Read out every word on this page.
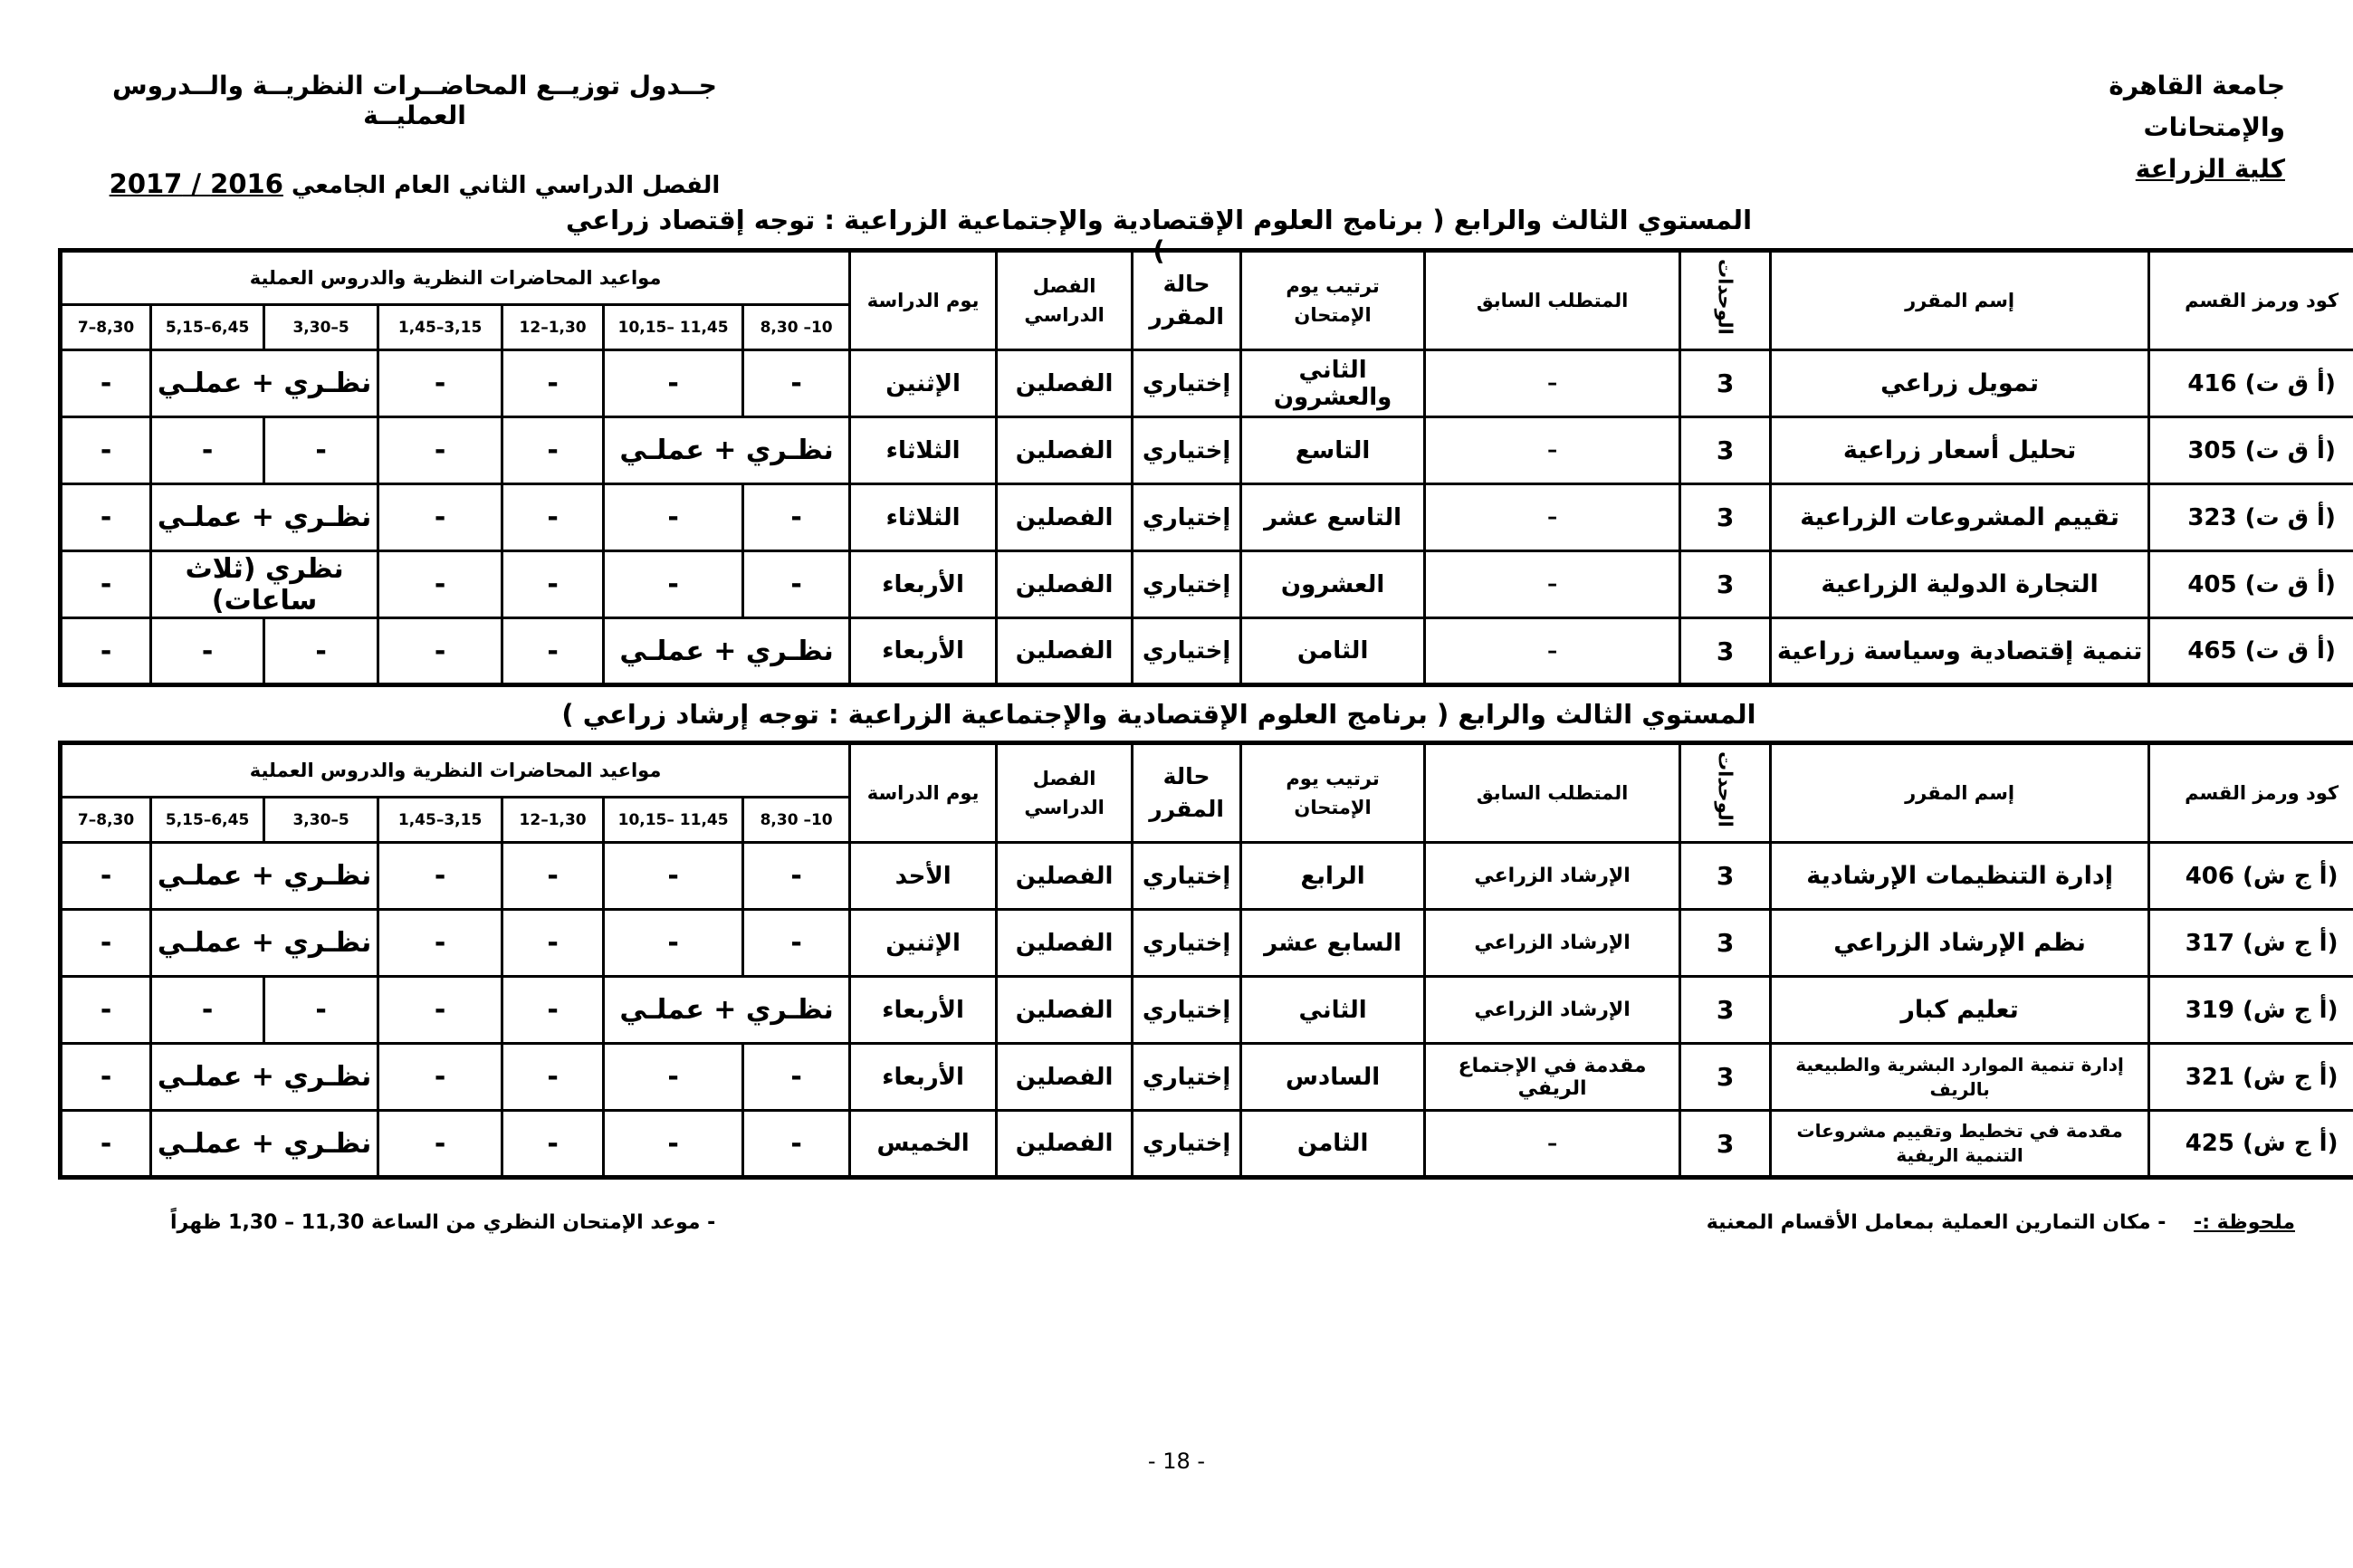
جامعة القاهرة
والإمتحانات
كلية الزراعة
جــدول توزيــع المحاضــرات النظريــة والــدروس العمليــة
الفصل الدراسي الثاني العام الجامعي 2016 / 2017
المستوي الثالث والرابع ( برنامج العلوم الإقتصادية والإجتماعية الزراعية : توجه إقتصاد زراعي )
كود ورمز القسم	إسم المقرر	الوحدات	المتطلب السابق	ترتيب يوم الإمتحان	حالة المقرر	الفصل الدراسي	يوم الدراسة	مواعيد المحاضرات النظرية والدروس العملية						
								8,30 –10	10,15– 11,45	12–1,30	1,45–3,15	3,30–5	5,15–6,45	7–8,30
(أ ق ت) 416	تمويل زراعي	3	–	الثاني والعشرون	إختياري	الفصلين	الإثنين	-	-	-	-	نظـري + عملـي		-
(أ ق ت) 305	تحليل أسعار زراعية	3	–	التاسع	إختياري	الفصلين	الثلاثاء	نظـري + عملـي		-	-	-	-	-
(أ ق ت) 323	تقييم المشروعات الزراعية	3	–	التاسع عشر	إختياري	الفصلين	الثلاثاء	-	-	-	-	نظـري + عملـي		-
(أ ق ت) 405	التجارة الدولية الزراعية	3	–	العشرون	إختياري	الفصلين	الأربعاء	-	-	-	-	نظري (ثلاث ساعات)		-
(أ ق ت) 465	تنمية إقتصادية وسياسة زراعية	3	–	الثامن	إختياري	الفصلين	الأربعاء	نظـري + عملـي		-	-	-	-	-
المستوي الثالث والرابع ( برنامج العلوم الإقتصادية والإجتماعية الزراعية : توجه إرشاد زراعي )
كود ورمز القسم	إسم المقرر	الوحدات	المتطلب السابق	ترتيب يوم الإمتحان	حالة المقرر	الفصل الدراسي	يوم الدراسة	مواعيد المحاضرات النظرية والدروس العملية						
								8,30 –10	10,15– 11,45	12–1,30	1,45–3,15	3,30–5	5,15–6,45	7–8,30
(أ ج ش) 406	إدارة التنظيمات الإرشادية	3	الإرشاد الزراعي	الرابع	إختياري	الفصلين	الأحد	-	-	-	-	نظـري + عملـي		-
(أ ج ش) 317	نظم الإرشاد الزراعي	3	الإرشاد الزراعي	السابع عشر	إختياري	الفصلين	الإثنين	-	-	-	-	نظـري + عملـي		-
(أ ج ش) 319	تعليم كبار	3	الإرشاد الزراعي	الثاني	إختياري	الفصلين	الأربعاء	نظـري + عملـي		-	-	-	-	-
(أ ج ش) 321	إدارة تنمية الموارد البشرية والطبيعية بالريف	3	مقدمة في الإجتماع الريفي	السادس	إختياري	الفصلين	الأربعاء	-	-	-	-	نظـري + عملـي		-
(أ ج ش) 425	مقدمة في تخطيط وتقييم مشروعات التنمية الريفية	3	–	الثامن	إختياري	الفصلين	الخميس	-	-	-	-	نظـري + عملـي		-
ملحوظة :-    - مكان التمارين العملية بمعامل الأقسام المعنية
- موعد الإمتحان النظري من الساعة 11,30 – 1,30 ظهراً
- 18 -
